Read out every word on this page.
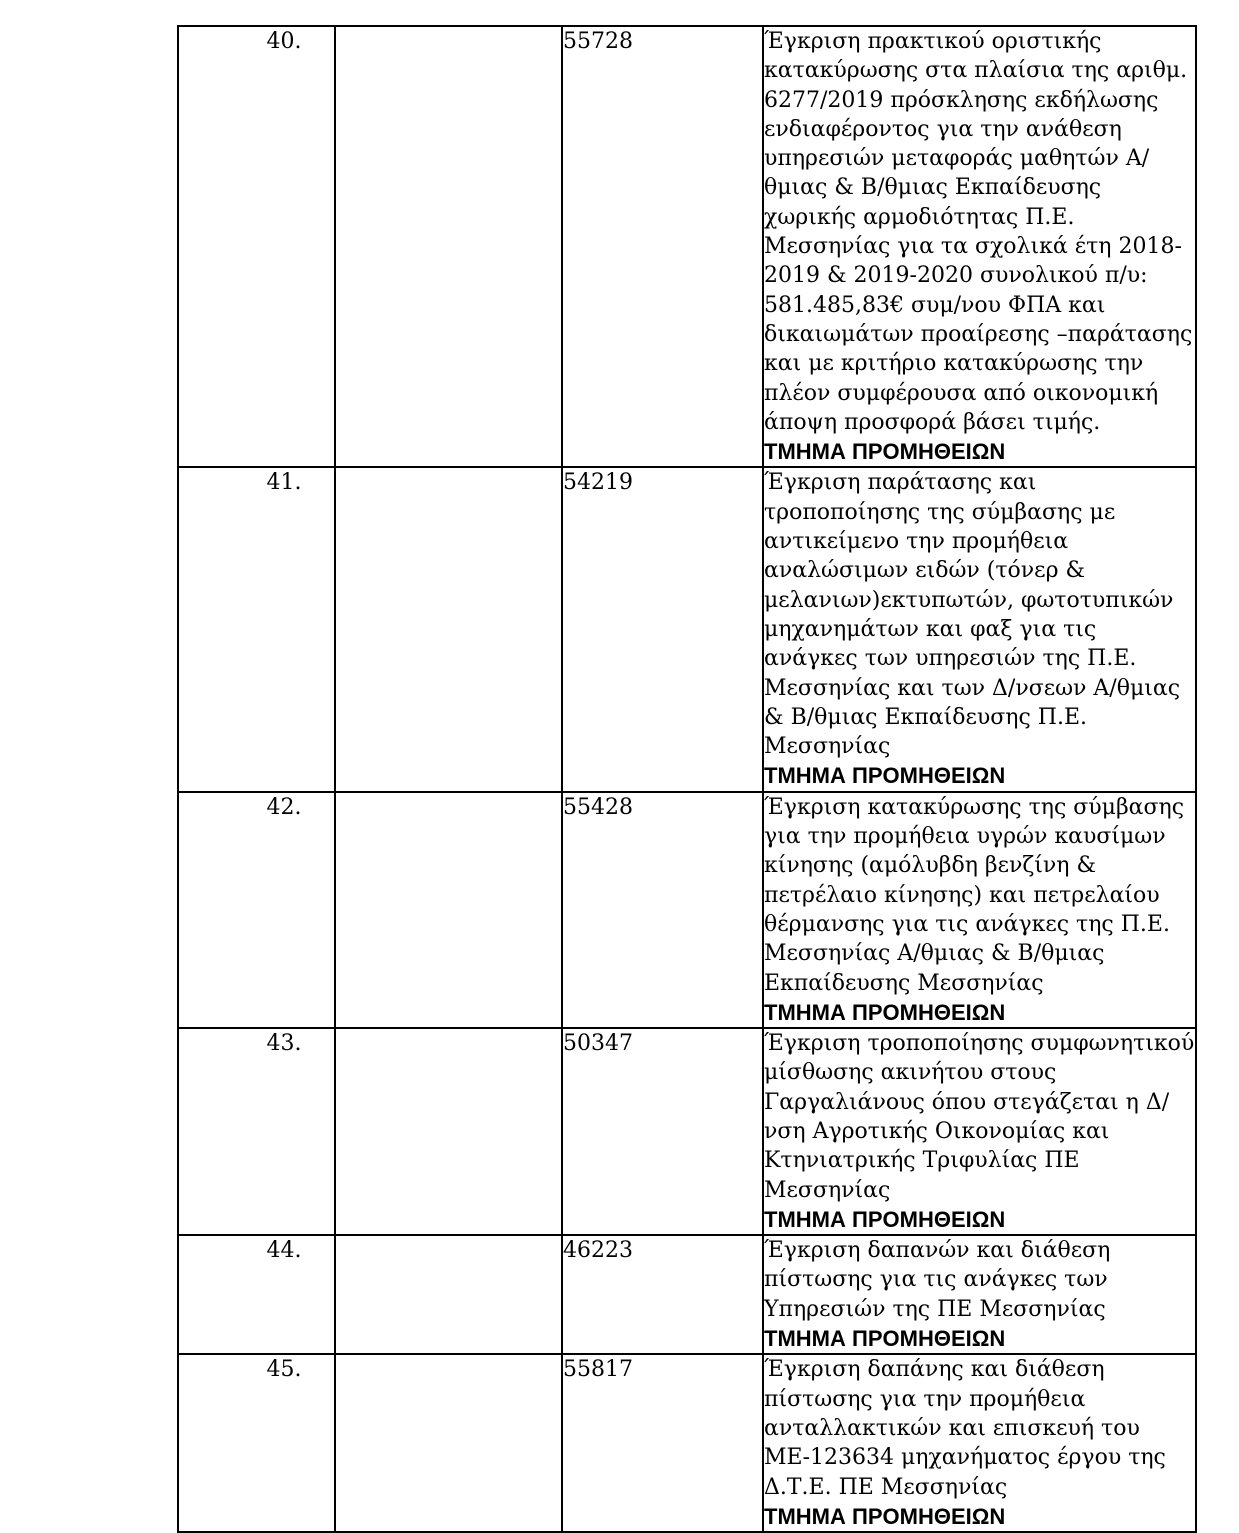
40.		55728	Έγκριση πρακτικού οριστικής κατακύρωσης στα πλαίσια της αριθμ. 6277/2019 πρόσκλησης εκδήλωσης ενδιαφέροντος για την ανάθεση υπηρεσιών μεταφοράς μαθητών Α/θμιας & Β/θμιας Εκπαίδευσης χωρικής αρμοδιότητας Π.Ε. Μεσσηνίας για τα σχολικά έτη 2018-2019 & 2019-2020 συνολικού π/υ: 581.485,83€ συμ/νου ΦΠΑ και δικαιωμάτων προαίρεσης –παράτασης και με κριτήριο κατακύρωσης την πλέον συμφέρουσα από οικονομική άποψη προσφορά βάσει τιμής.
ΤΜΗΜΑ ΠΡΟΜΗΘΕΙΩΝ

41.		54219	Έγκριση παράτασης και τροποποίησης της σύμβασης με αντικείμενο την προμήθεια αναλώσιμων ειδών (τόνερ & μελανιων)εκτυπωτών, φωτοτυπικών μηχανημάτων και φαξ για τις ανάγκες των υπηρεσιών της Π.Ε. Μεσσηνίας και των Δ/νσεων Α/θμιας & Β/θμιας Εκπαίδευσης Π.Ε. Μεσσηνίας
ΤΜΗΜΑ ΠΡΟΜΗΘΕΙΩΝ

42.		55428	Έγκριση κατακύρωσης της σύμβασης για την προμήθεια υγρών καυσίμων κίνησης (αμόλυβδη βενζίνη & πετρέλαιο κίνησης) και πετρελαίου θέρμανσης για τις ανάγκες της Π.Ε. Μεσσηνίας Α/θμιας & Β/θμιας Εκπαίδευσης Μεσσηνίας
ΤΜΗΜΑ ΠΡΟΜΗΘΕΙΩΝ

43.		50347	Έγκριση τροποποίησης συμφωνητικού μίσθωσης ακινήτου στους Γαργαλιάνους όπου στεγάζεται η Δ/νση Αγροτικής Οικονομίας και Κτηνιατρικής Τριφυλίας ΠΕ Μεσσηνίας
ΤΜΗΜΑ ΠΡΟΜΗΘΕΙΩΝ

44.		46223	Έγκριση δαπανών και διάθεση πίστωσης για τις ανάγκες των Υπηρεσιών της ΠΕ Μεσσηνίας
ΤΜΗΜΑ ΠΡΟΜΗΘΕΙΩΝ

45.		55817	Έγκριση δαπάνης και διάθεση πίστωσης για την προμήθεια ανταλλακτικών και επισκευή του ΜΕ-123634 μηχανήματος έργου της Δ.Τ.Ε. ΠΕ Μεσσηνίας
ΤΜΗΜΑ ΠΡΟΜΗΘΕΙΩΝ
